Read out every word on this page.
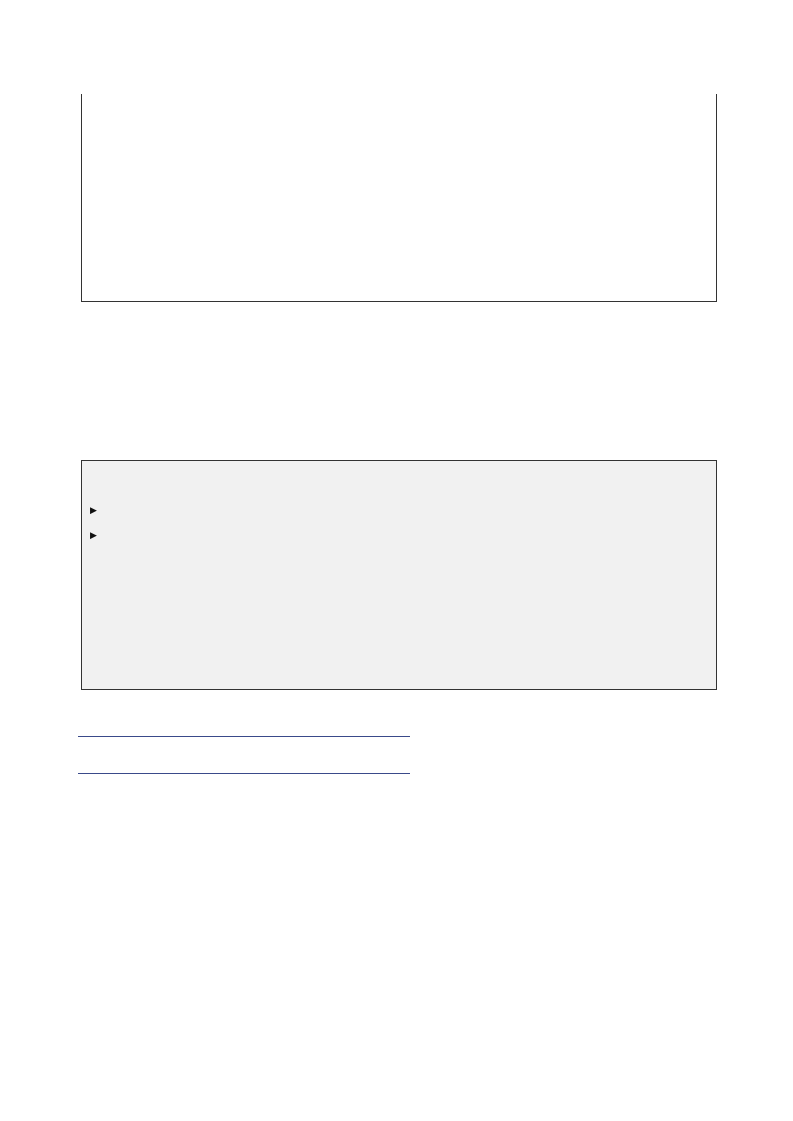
▶
▶
